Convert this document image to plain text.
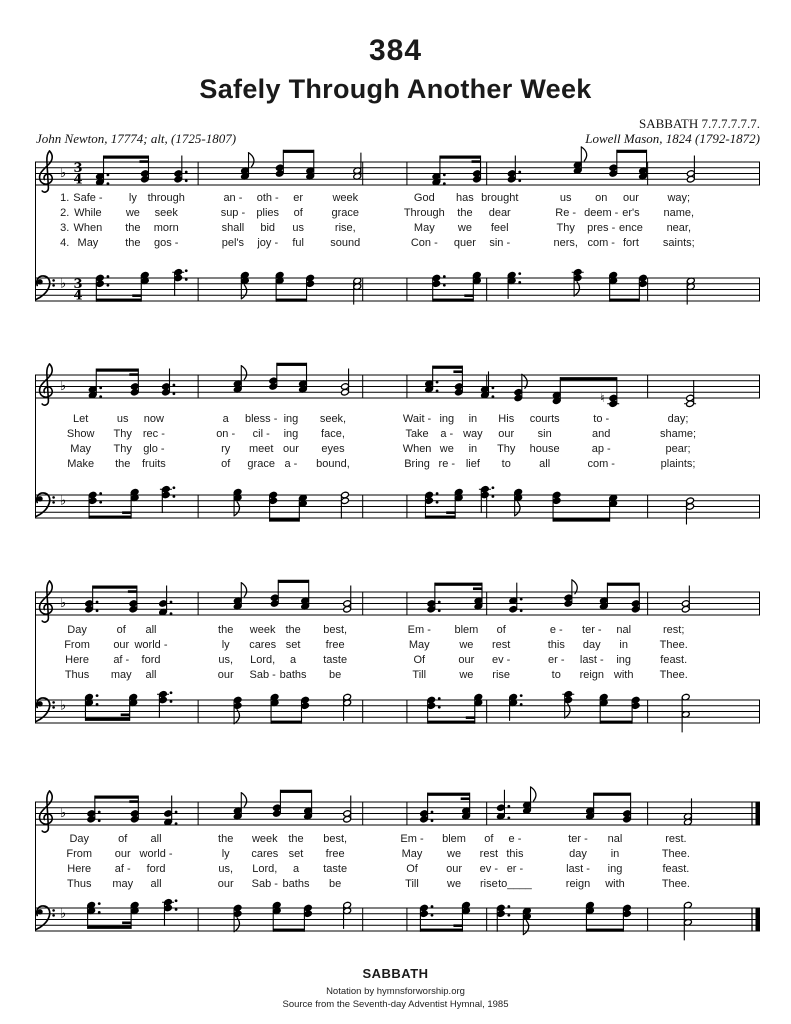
384
Safely Through Another Week
SABBATH 7.7.7.7.7.7.
Lowell Mason, 1824 (1792-1872)
John Newton, 17774; alt, (1725-1807)
♭ 3
4
♭ 3
4
1.
2.
3.
4.
Safe - ly through	an - oth - er	week	God has brought	us on our	way;
While we seek	sup - plies of	grace	Through the dear	Re - deem - er's name,
When the morn	shall bid us	rise,	May we feel	Thy pres - ence near,
May the gos -	pel's joy - ful sound	Con - quer sin -	ners, com - fort saints;
♭
♮
♭
Let	us now	a bless - ing seek,	Wait - ing in His courts	to -	day;
Show Thy rec -	on - cil - ing face,	Take a - way our sin	and	shame;
May Thy glo -	ry meet our eyes	When we in Thy house	ap -	pear;
Make the fruits	of grace a - bound,	Bring re - lief to	all	com -	plaints;
♭
♭
Day	of all	the week the best,	Em - blem of	e - ter - nal	rest;
From our world -	ly cares set free	May	we rest	this day in	Thee.
Here af - ford	us, Lord, a taste	Of	our ev -	er - last - ing	feast.
Thus may all	our Sab - baths be	Till	we rise	to reign with Thee.
♭
♭
Day	of all	the week the best,	Em - blem of e -	ter - nal	rest.
From our world -	ly cares set free	May we rest this	day in	Thee.
Here af - ford	us, Lord, a taste	Of	our ev - er -	last - ing	feast.
Thus may all	our Sab - baths be	Till	we rise to____	reign with	Thee.
SABBATH
Notation by hymnsforworship.org
Source from the Seventh-day Adventist Hymnal, 1985
